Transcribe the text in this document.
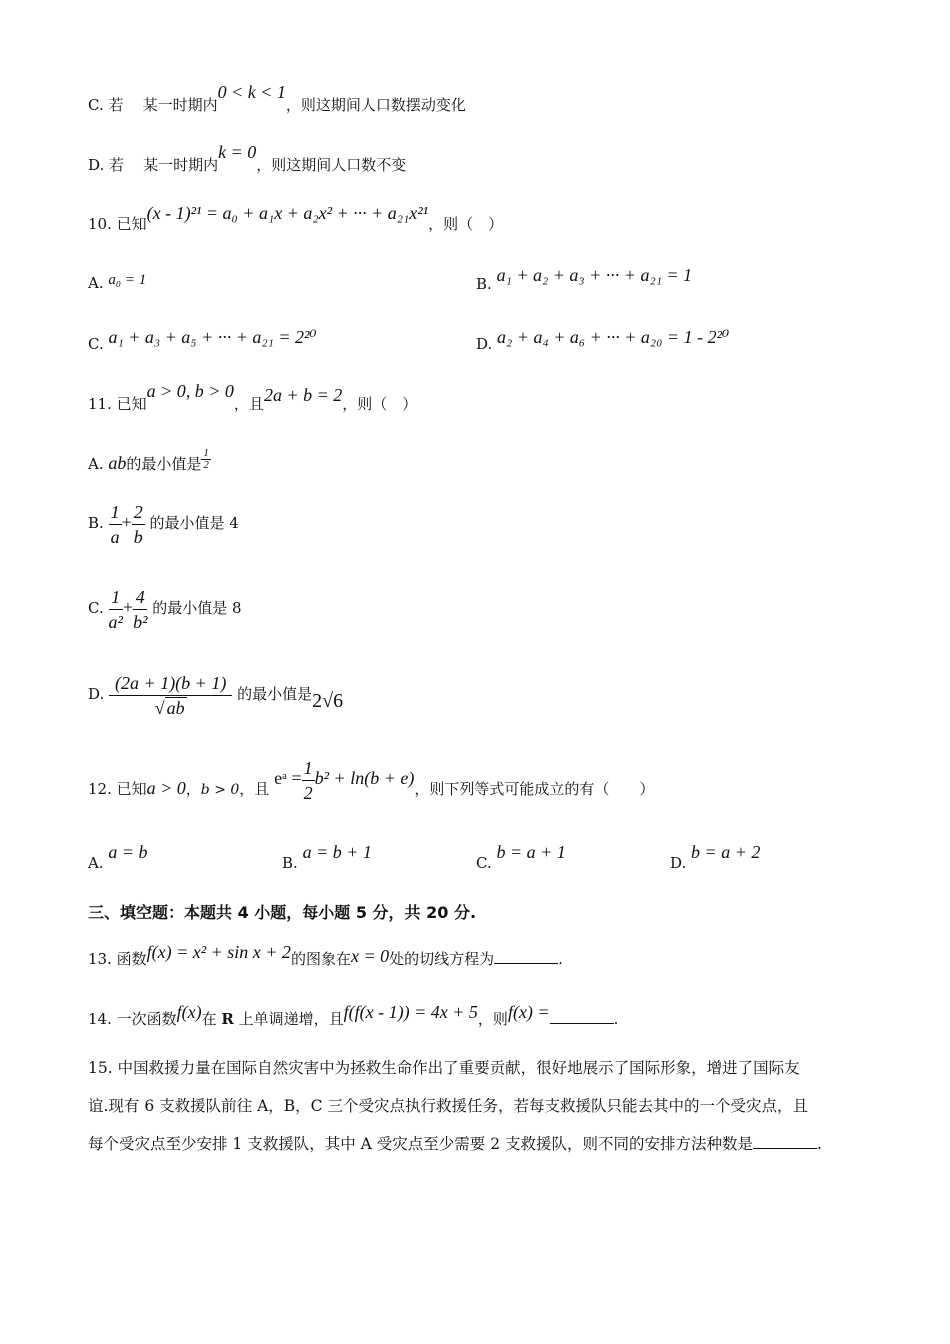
C. 若 某一时期内0 < k < 1，则这期间人口数摆动变化
D. 若 某一时期内k = 0，则这期间人口数不变
10. 已知(x - 1)²¹ = a₀ + a₁x + a₂x² + ··· + a₂₁x²¹，则（　）
A. a₀ = 1	B. a₁ + a₂ + a₃ + ··· + a₂₁ = 1
C. a₁ + a₃ + a₅ + ··· + a₂₁ = 2²⁰	D. a₂ + a₄ + a₆ + ··· + a₂₀ = 1 - 2²⁰
11. 已知a > 0, b > 0，且2a + b = 2，则（　）
A. ab的最小值是 $\frac{1}{2}$
B. $\frac{1}{a} + \frac{2}{b}$ 的最小值是 4
C. $\frac{1}{\text{a²}} + \frac{4}{\text{b²}}$ 的最小值是 8
D. $\frac{(2a + 1)(b + 1)}{√ ab}$ 的最小值是2√6
12. 已知a > 0，b > 0，且 eᵃ = $\frac{1}{2} b^2 + \ln(b + e)$，则下列等式可能成立的有（　　）
A. a = b
B. a = b + 1
C. b = a + 1
D. b = a + 2
三、填空题：本题共 4 小题，每小题 5 分，共 20 分.
13. 函数f(x) = x² + sin x + 2的图象在x = 0处的切线方程为	.
14. 一次函数f(x)在 R 上单调递增，且f(f(x - 1)) = 4x + 5，则f(x) =	.
15. 中国救援力量在国际自然灾害中为拯救生命作出了重要贡献，很好地展示了国际形象，增进了国际友
谊.现有 6 支救援队前往 A，B，C 三个受灾点执行救援任务，若每支救援队只能去其中的一个受灾点，且
每个受灾点至少安排 1 支救援队，其中 A 受灾点至少需要 2 支救援队，则不同的安排方法种数是	.
